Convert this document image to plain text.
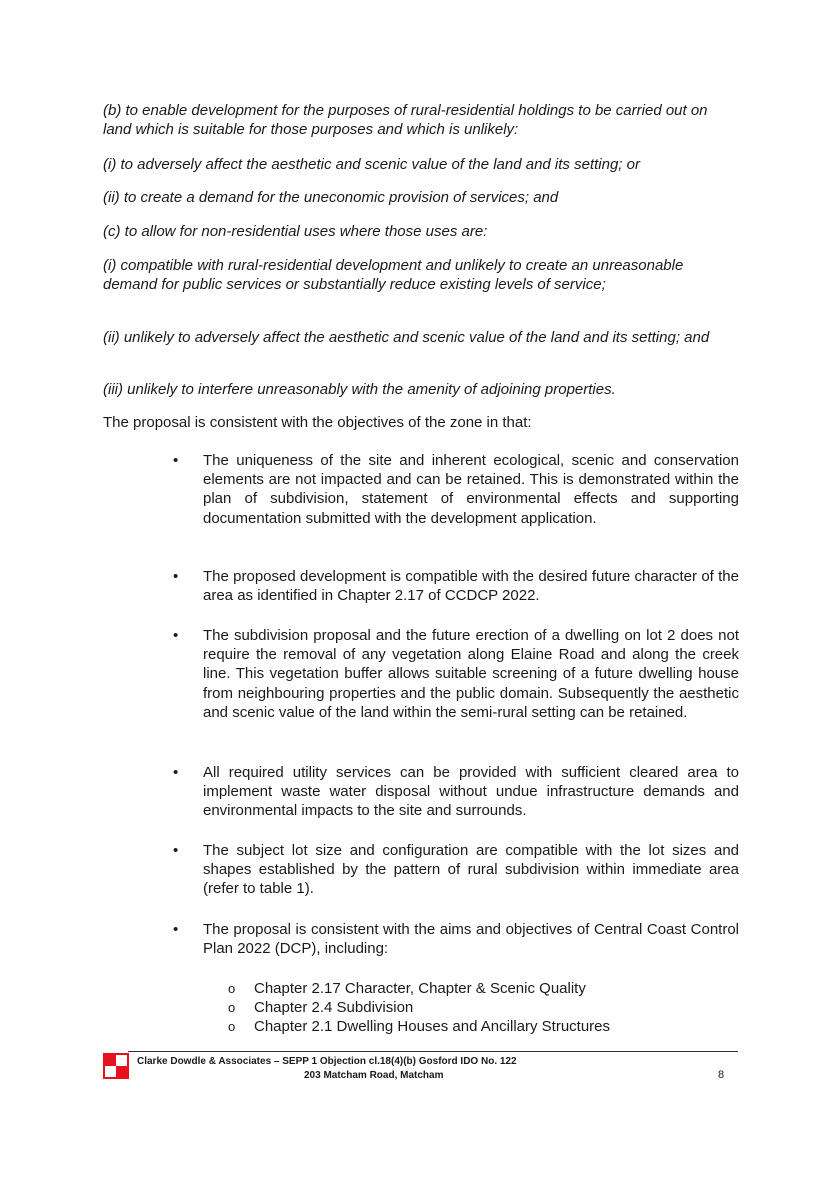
(b) to enable development for the purposes of rural-residential holdings to be carried out on land which is suitable for those purposes and which is unlikely:

(i) to adversely affect the aesthetic and scenic value of the land and its setting; or

(ii) to create a demand for the uneconomic provision of services; and

(c) to allow for non-residential uses where those uses are:

(i) compatible with rural-residential development and unlikely to create an unreasonable demand for public services or substantially reduce existing levels of service;

(ii) unlikely to adversely affect the aesthetic and scenic value of the land and its setting; and

(iii) unlikely to interfere unreasonably with the amenity of adjoining properties.

The proposal is consistent with the objectives of the zone in that:

•	The uniqueness of the site and inherent ecological, scenic and conservation elements are not impacted and can be retained. This is demonstrated within the plan of subdivision, statement of environmental effects and supporting documentation submitted with the development application.
•	The proposed development is compatible with the desired future character of the area as identified in Chapter 2.17 of CCDCP 2022.
•	The subdivision proposal and the future erection of a dwelling on lot 2 does not require the removal of any vegetation along Elaine Road and along the creek line. This vegetation buffer allows suitable screening of a future dwelling house from neighbouring properties and the public domain. Subsequently the aesthetic and scenic value of the land within the semi-rural setting can be retained.
•	All required utility services can be provided with sufficient cleared area to implement waste water disposal without undue infrastructure demands and environmental impacts to the site and surrounds.
•	The subject lot size and configuration are compatible with the lot sizes and shapes established by the pattern of rural subdivision within immediate area (refer to table 1).
•	The proposal is consistent with the aims and objectives of Central Coast Control Plan 2022 (DCP), including:
o Chapter 2.17 Character, Chapter & Scenic Quality
o Chapter 2.4 Subdivision
o Chapter 2.1 Dwelling Houses and Ancillary Structures
Clarke Dowdle & Associates – SEPP 1 Objection cl.18(4)(b) Gosford IDO No. 122
203 Matcham Road, Matcham	8
